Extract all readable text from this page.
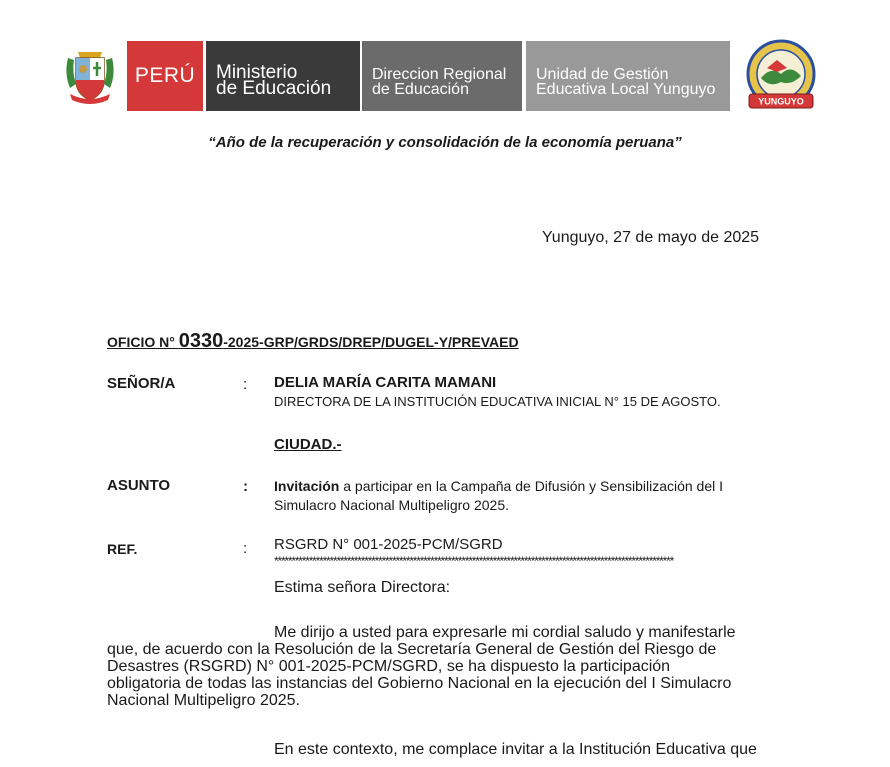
PERÚ Ministerio
de Educación
Direccion Regional
de Educación
Unidad de Gestión
Educativa Local Yunguyo
YUNGUYO
“Año de la recuperación y consolidación de la economía peruana”
Yunguyo, 27 de mayo de 2025
OFICIO N° 0330-2025-GRP/GRDS/DREP/DUGEL-Y/PREVAED
SEÑOR/A	: DELIA MARÍA CARITA MAMANI
DIRECTORA DE LA INSTITUCIÓN EDUCATIVA INICIAL N° 15 DE AGOSTO.
CIUDAD.-
ASUNTO	: Invitación a participar en la Campaña de Difusión y Sensibilización del I
Simulacro Nacional Multipeligro 2025.
REF.	: RSGRD N° 001-2025-PCM/SGRD
*******************************************************************************************************************
Estima señora Directora:
Me dirijo a usted para expresarle mi cordial saludo y manifestarle
que, de acuerdo con la Resolución de la Secretaría General de Gestión del Riesgo de
Desastres (RSGRD) N° 001-2025-PCM/SGRD, se ha dispuesto la participación
obligatoria de todas las instancias del Gobierno Nacional en la ejecución del I Simulacro
Nacional Multipeligro 2025.
En este contexto, me complace invitar a la Institución Educativa que
